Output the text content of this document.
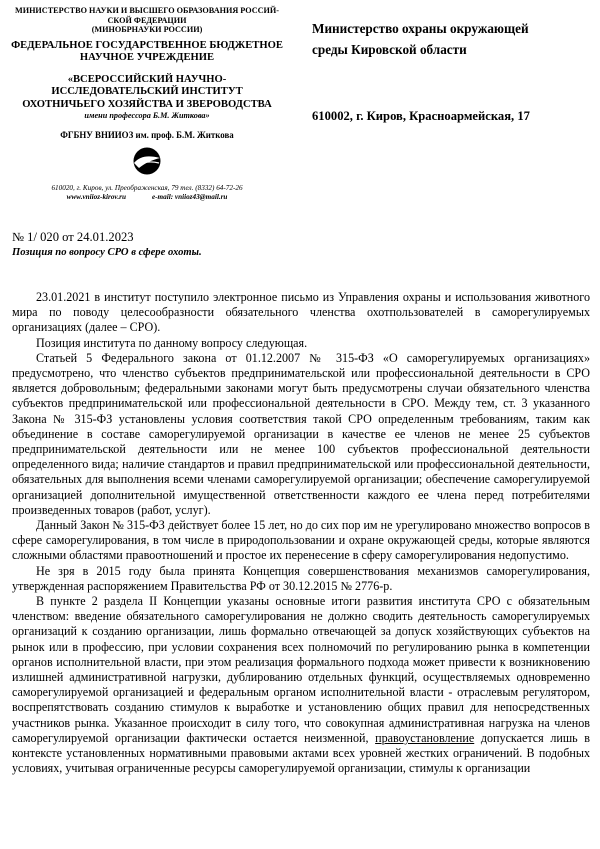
МИНИСТЕРСТВО НАУКИ И ВЫСШЕГО ОБРАЗОВАНИЯ РОССИЙ-
СКОЙ ФЕДЕРАЦИИ
(МИНОБРНАУКИ РОССИИ)
ФЕДЕРАЛЬНОЕ ГОСУДАРСТВЕННОЕ БЮДЖЕТНОЕ
НАУЧНОЕ УЧРЕЖДЕНИЕ
«ВСЕРОССИЙСКИЙ НАУЧНО-
ИССЛЕДОВАТЕЛЬСКИЙ ИНСТИТУТ
ОХОТНИЧЬЕГО ХОЗЯЙСТВА И ЗВЕРОВОДСТВА
имени профессора Б.М. Житкова»
ФГБНУ ВНИИОЗ им. проф. Б.М. Житкова
610020, г. Киров, ул. Преображенская, 79 тел. (8332) 64-72-26
www.vniioz-kirov.ru	e-mail: vniioz43@mail.ru
Министерство охраны окружающей
среды Кировской области
610002, г. Киров, Красноармейская, 17
№ 1/ 020 от 24.01.2023
Позиция по вопросу СРО в сфере охоты.

23.01.2021 в институт поступило электронное письмо из Управления охраны и использования животного мира по поводу целесообразности обязательного членства охотпользователей в саморегулируемых организациях (далее – СРО).

Позиция института по данному вопросу следующая.

Статьей 5 Федерального закона от 01.12.2007 № 315-ФЗ «О саморегулируемых организациях» предусмотрено, что членство субъектов предпринимательской или профессиональной деятельности в СРО является добровольным; федеральными законами могут быть предусмотрены случаи обязательного членства субъектов предпринимательской или профессиональной деятельности в СРО. Между тем, ст. 3 указанного Закона № 315-ФЗ установлены условия соответствия такой СРО определенным требованиям, таким как объединение в составе саморегулируемой организации в качестве ее членов не менее 25 субъектов предпринимательской деятельности или не менее 100 субъектов профессиональной деятельности определенного вида; наличие стандартов и правил предпринимательской или профессиональной деятельности, обязательных для выполнения всеми членами саморегулируемой организации; обеспечение саморегулируемой организацией дополнительной имущественной ответственности каждого ее члена перед потребителями произведенных товаров (работ, услуг).

Данный Закон № 315-ФЗ действует более 15 лет, но до сих пор им не урегулировано множество вопросов в сфере саморегулирования, в том числе в природопользовании и охране окружающей среды, которые являются сложными областями правоотношений и простое их перенесение в сферу саморегулирования недопустимо.

Не зря в 2015 году была принята Концепция совершенствования механизмов саморегулирования, утвержденная распоряжением Правительства РФ от 30.12.2015 № 2776-р.

В пункте 2 раздела II Концепции указаны основные итоги развития института СРО с обязательным членством: введение обязательного саморегулирования не должно сводить деятельность саморегулируемых организаций к созданию организации, лишь формально отвечающей за допуск хозяйствующих субъектов на рынок или в профессию, при условии сохранения всех полномочий по регулированию рынка в компетенции органов исполнительной власти, при этом реализация формального подхода может привести к возникновению излишней административной нагрузки, дублированию отдельных функций, осуществляемых одновременно саморегулируемой организацией и федеральным органом исполнительной власти - отраслевым регулятором, воспрепятствовать созданию стимулов к выработке и установлению общих правил для непосредственных участников рынка. Указанное происходит в силу того, что совокупная административная нагрузка на членов саморегулируемой организации фактически остается неизменной, правоустановление допускается лишь в контексте установленных нормативными правовыми актами всех уровней жестких ограничений. В подобных условиях, учитывая ограниченные ресурсы саморегулируемой организации, стимулы к организации
